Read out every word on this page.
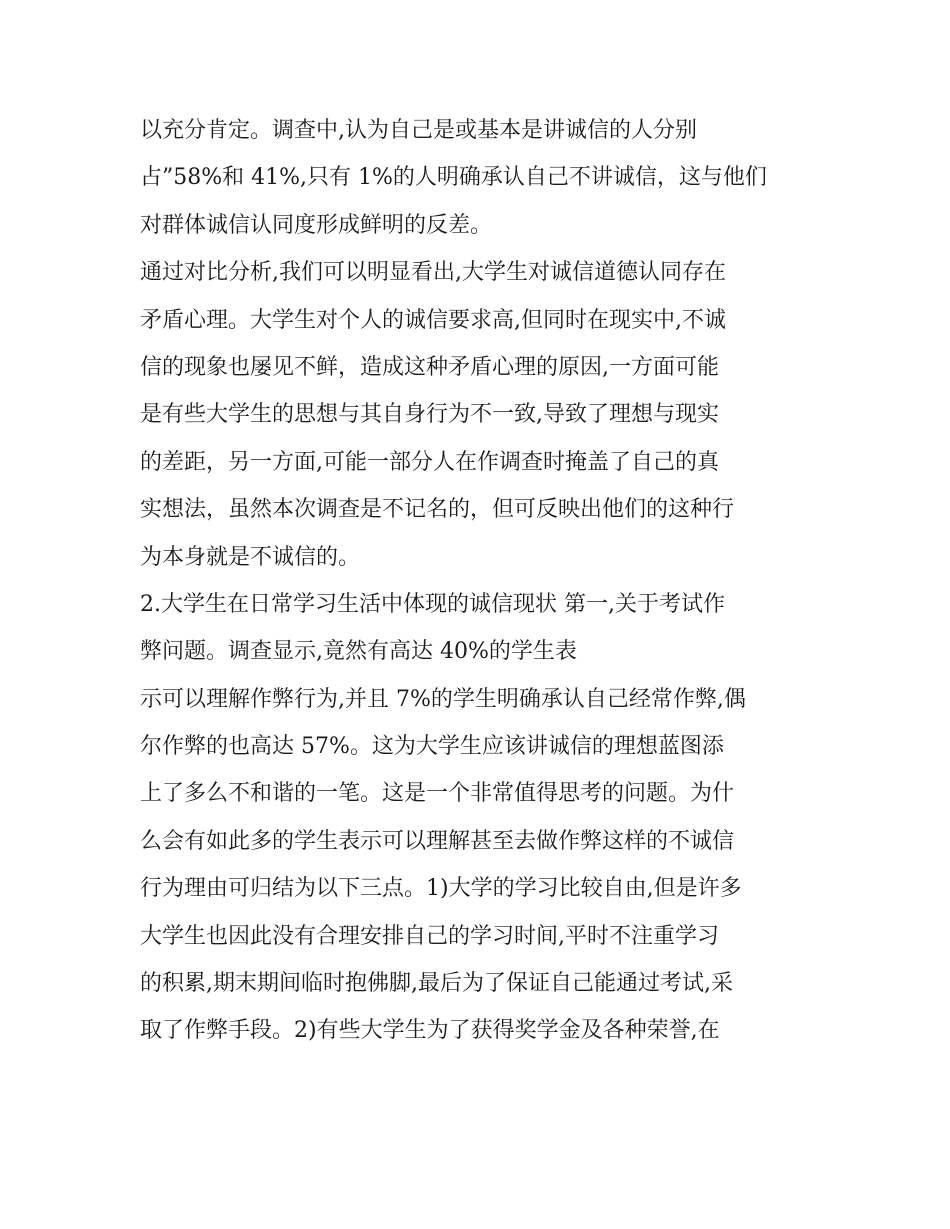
以充分肯定。调查中,认为自己是或基本是讲诚信的人分别
占”58%和 41%,只有 1%的人明确承认自己不讲诚信，这与他们
对群体诚信认同度形成鲜明的反差。
通过对比分析,我们可以明显看出,大学生对诚信道德认同存在
矛盾心理。大学生对个人的诚信要求高,但同时在现实中,不诚
信的现象也屡见不鲜，造成这种矛盾心理的原因,一方面可能
是有些大学生的思想与其自身行为不一致,导致了理想与现实
的差距，另一方面,可能一部分人在作调查时掩盖了自己的真
实想法，虽然本次调查是不记名的，但可反映出他们的这种行
为本身就是不诚信的。
2.大学生在日常学习生活中体现的诚信现状 第一,关于考试作
弊问题。调查显示,竟然有高达 40%的学生表
示可以理解作弊行为,并且 7%的学生明确承认自己经常作弊,偶
尔作弊的也高达 57%。这为大学生应该讲诚信的理想蓝图添
上了多么不和谐的一笔。这是一个非常值得思考的问题。为什
么会有如此多的学生表示可以理解甚至去做作弊这样的不诚信
行为理由可归结为以下三点。1)大学的学习比较自由,但是许多
大学生也因此没有合理安排自己的学习时间,平时不注重学习
的积累,期末期间临时抱佛脚,最后为了保证自己能通过考试,采
取了作弊手段。2)有些大学生为了获得奖学金及各种荣誉,在
